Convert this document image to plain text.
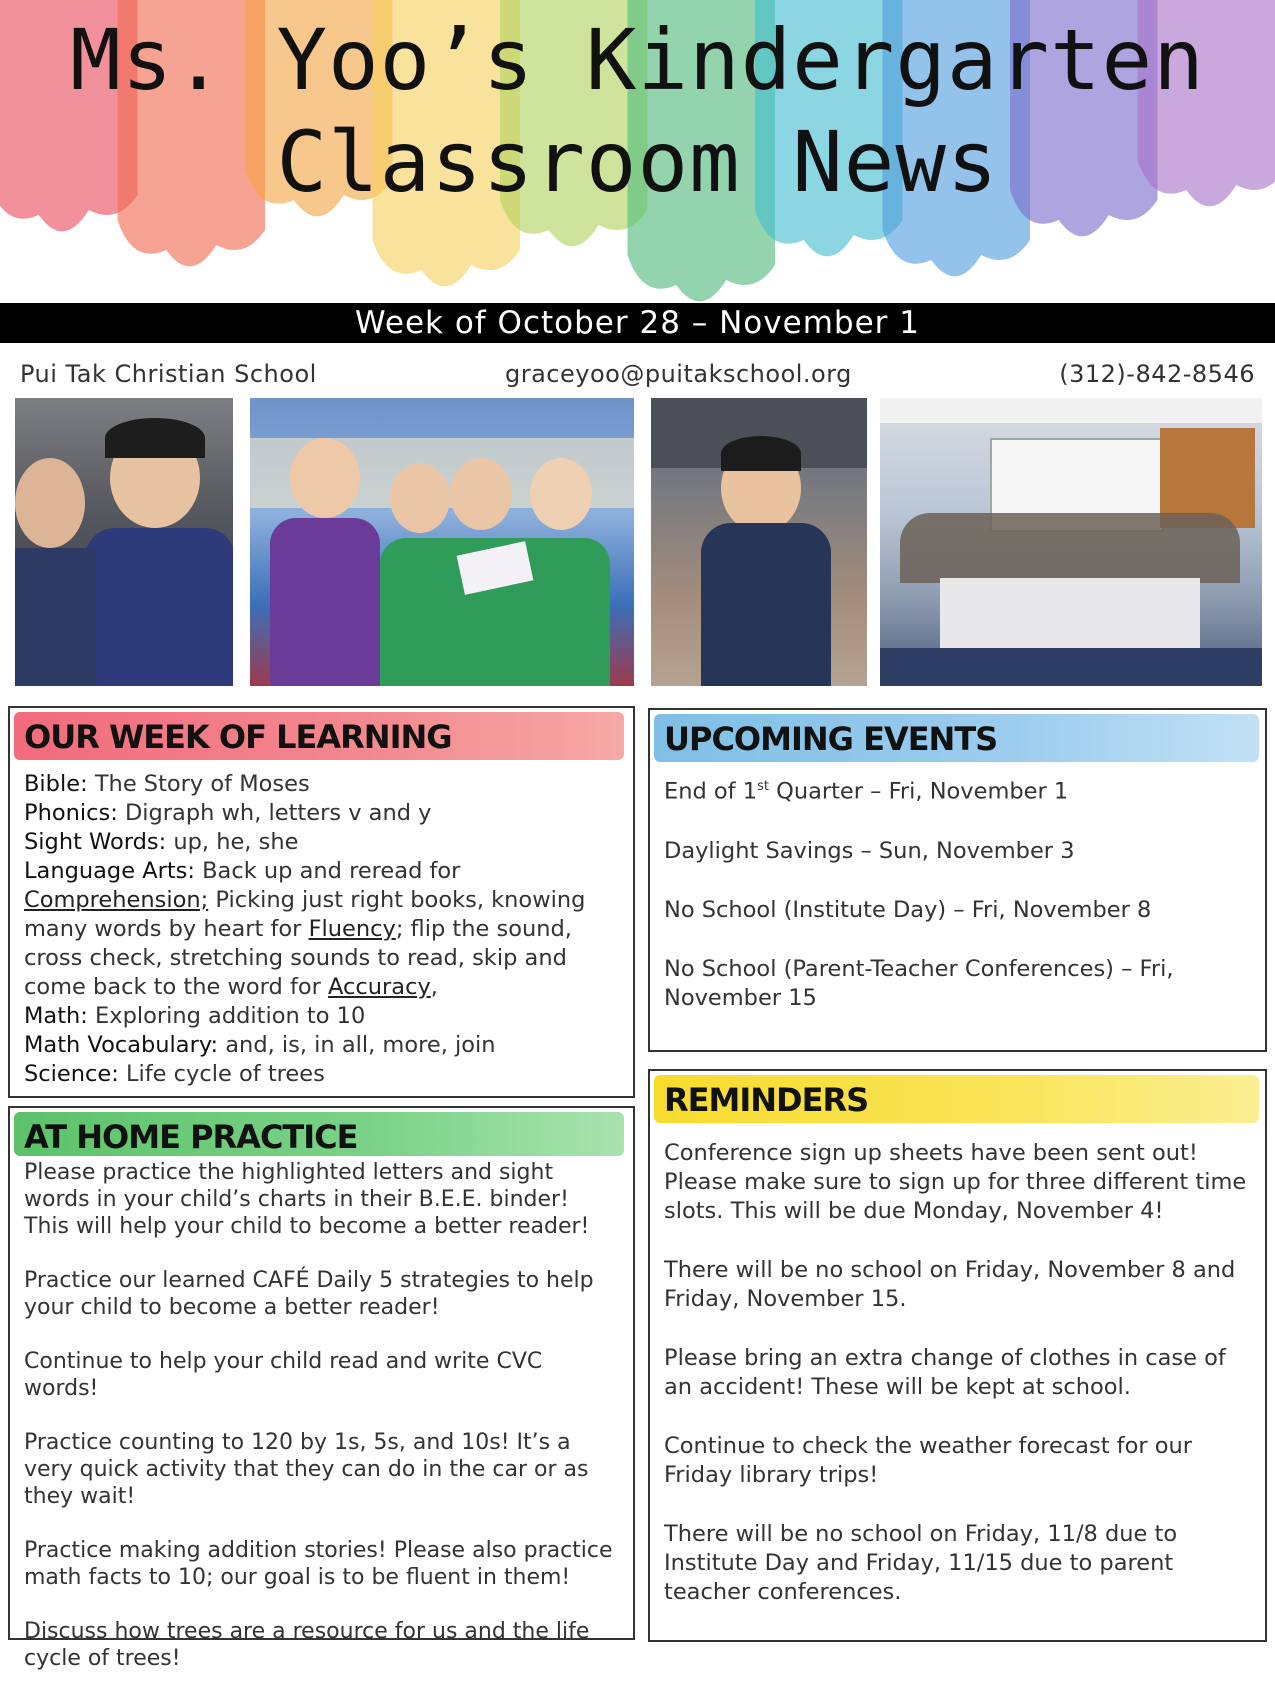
Ms. Yoo’s Kindergarten
Classroom News
Week of October 28 – November 1
Pui Tak Christian School	graceyoo@puitakschool.org	(312)-842-8546
OUR WEEK OF LEARNING
Bible: The Story of Moses
Phonics: Digraph wh, letters v and y
Sight Words: up, he, she
Language Arts: Back up and reread for Comprehension; Picking just right books, knowing many words by heart for Fluency; flip the sound, cross check, stretching sounds to read, skip and come back to the word for Accuracy,
Math: Exploring addition to 10
Math Vocabulary: and, is, in all, more, join
Science: Life cycle of trees
AT HOME PRACTICE

Please practice the highlighted letters and sight words in your child’s charts in their B.E.E. binder! This will help your child to become a better reader!

Practice our learned CAFÉ Daily 5 strategies to help your child to become a better reader!

Continue to help your child read and write CVC words!

Practice counting to 120 by 1s, 5s, and 10s! It’s a very quick activity that they can do in the car or as they wait!

Practice making addition stories! Please also practice math facts to 10; our goal is to be fluent in them!

Discuss how trees are a resource for us and the life cycle of trees!

UPCOMING EVENTS

End of 1st Quarter – Fri, November 1

Daylight Savings – Sun, November 3

No School (Institute Day) – Fri, November 8

No School (Parent-Teacher Conferences) – Fri, November 15

REMINDERS

Conference sign up sheets have been sent out! Please make sure to sign up for three different time slots. This will be due Monday, November 4!

There will be no school on Friday, November 8 and Friday, November 15.

Please bring an extra change of clothes in case of an accident! These will be kept at school.

Continue to check the weather forecast for our Friday library trips!

There will be no school on Friday, 11/8 due to Institute Day and Friday, 11/15 due to parent teacher conferences.
